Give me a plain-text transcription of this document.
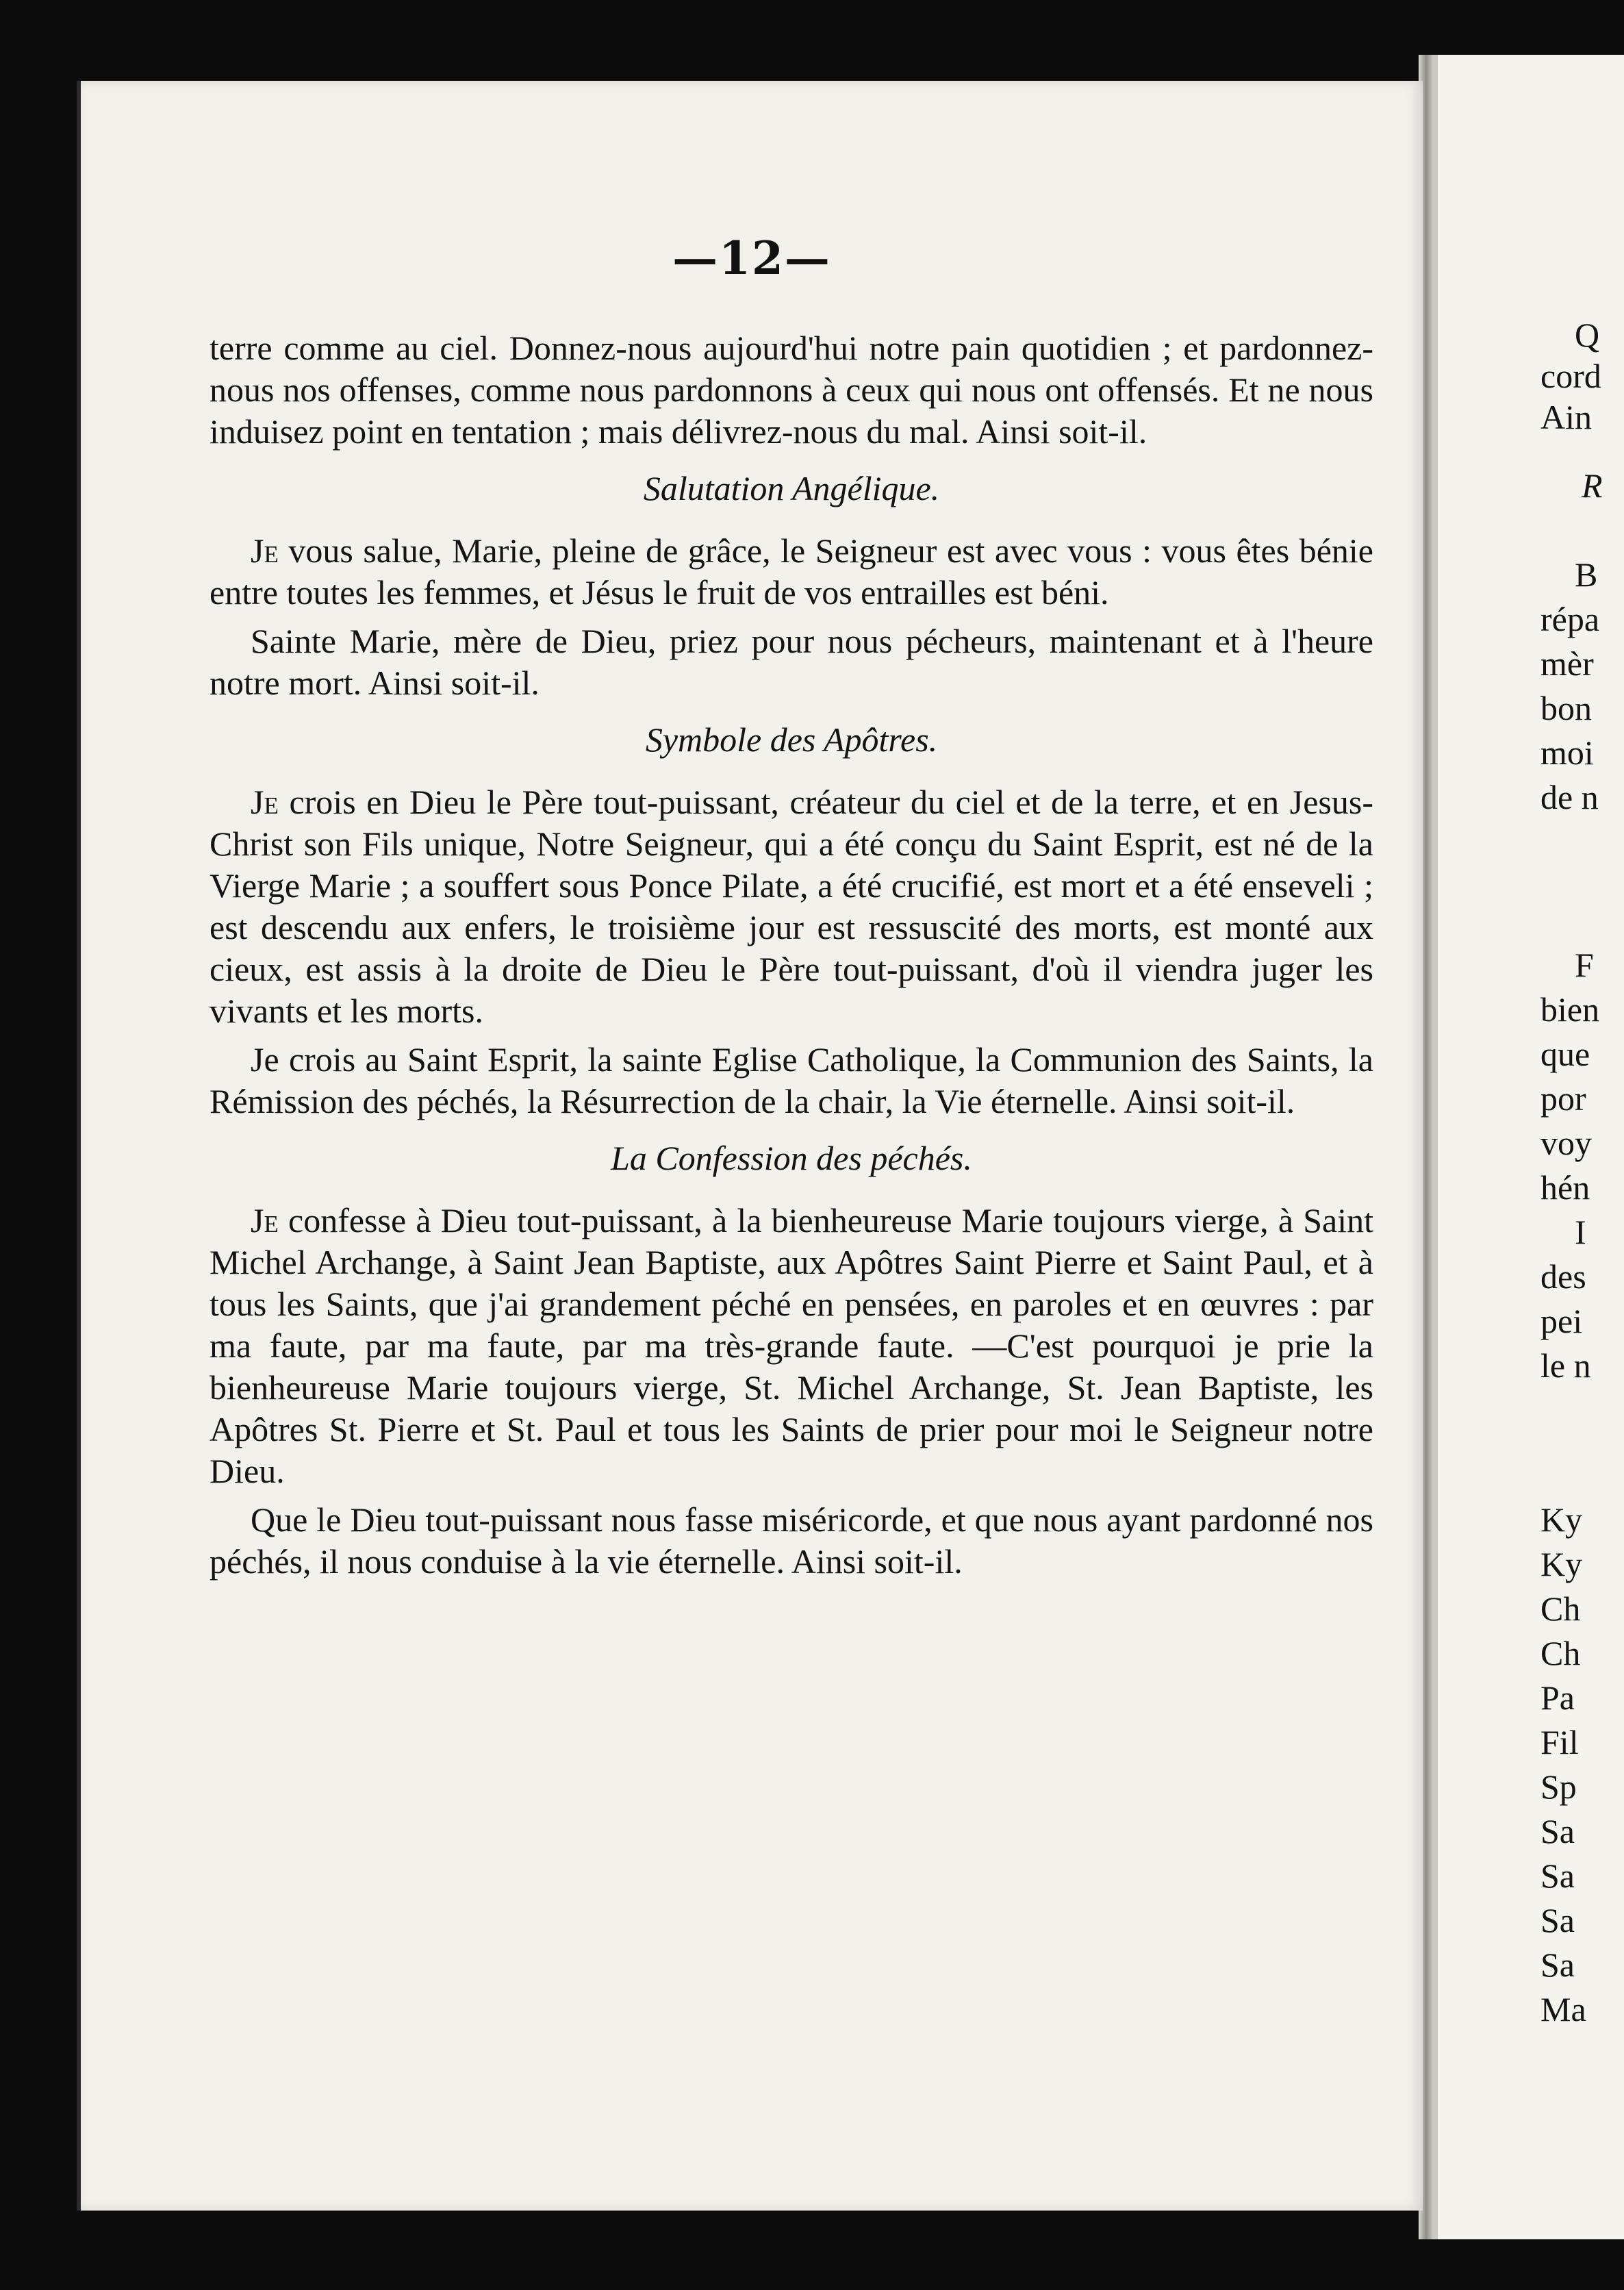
—12—

terre comme au ciel. Donnez-nous aujourd'hui notre pain quotidien ; et pardonnez-nous nos offenses, comme nous pardonnons à ceux qui nous ont offensés. Et ne nous induisez point en tentation ; mais délivrez-nous du mal. Ainsi soit-il.

Salutation Angélique.

Je vous salue, Marie, pleine de grâce, le Seigneur est avec vous : vous êtes bénie entre toutes les femmes, et Jésus le fruit de vos entrailles est béni.

Sainte Marie, mère de Dieu, priez pour nous pécheurs, maintenant et à l'heure notre mort. Ainsi soit-il.

Symbole des Apôtres.

Je crois en Dieu le Père tout-puissant, créateur du ciel et de la terre, et en Jesus-Christ son Fils unique, Notre Seigneur, qui a été conçu du Saint Esprit, est né de la Vierge Marie ; a souffert sous Ponce Pilate, a été crucifié, est mort et a été enseveli ; est descendu aux enfers, le troisième jour est ressuscité des morts, est monté aux cieux, est assis à la droite de Dieu le Père tout-puissant, d'où il viendra juger les vivants et les morts.

Je crois au Saint Esprit, la sainte Eglise Catholique, la Communion des Saints, la Rémission des péchés, la Résurrection de la chair, la Vie éternelle. Ainsi soit-il.

La Confession des péchés.

Je confesse à Dieu tout-puissant, à la bienheureuse Marie toujours vierge, à Saint Michel Archange, à Saint Jean Baptiste, aux Apôtres Saint Pierre et Saint Paul, et à tous les Saints, que j'ai grandement péché en pensées, en paroles et en œuvres : par ma faute, par ma faute, par ma très-grande faute. —C'est pourquoi je prie la bienheureuse Marie toujours vierge, St. Michel Archange, St. Jean Baptiste, les Apôtres St. Pierre et St. Paul et tous les Saints de prier pour moi le Seigneur notre Dieu.

Que le Dieu tout-puissant nous fasse miséricorde, et que nous ayant pardonné nos péchés, il nous conduise à la vie éternelle. Ainsi soit-il.

Q
cord
Ain
R
B
répa
mèr
bon
moi
de n
F
bien
que
por
voy
hén
I
des
pei
le n
Ky
Ky
Ch
Ch
Pa
Fil
Sp
Sa
Sa
Sa
Sa
Ma
